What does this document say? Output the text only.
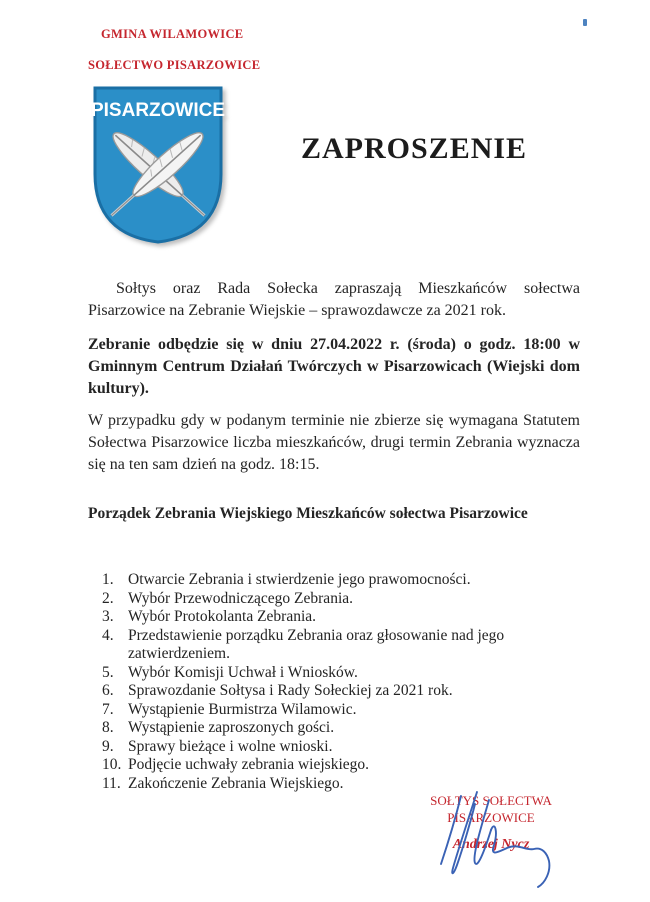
GMINA WILAMOWICE
SOŁECTWO PISARZOWICE
PISARZOWICE
ZAPROSZENIE

Sołtys oraz Rada Sołecka zapraszają Mieszkańców sołectwa Pisarzowice na Zebranie Wiejskie – sprawozdawcze za 2021 rok.

Zebranie odbędzie się w dniu 27.04.2022 r. (środa) o godz. 18:00 w Gminnym Centrum Działań Twórczych w Pisarzowicach (Wiejski dom kultury).

W przypadku gdy w podanym terminie nie zbierze się wymagana Statutem Sołectwa Pisarzowice liczba mieszkańców, drugi termin Zebrania wyznacza się na ten sam dzień na godz. 18:15.

Porządek Zebrania Wiejskiego Mieszkańców sołectwa Pisarzowice
1. Otwarcie Zebrania i stwierdzenie jego prawomocności.
2. Wybór Przewodniczącego Zebrania.
3. Wybór Protokolanta Zebrania.
4. Przedstawienie porządku Zebrania oraz głosowanie nad jego zatwierdzeniem.
5. Wybór Komisji Uchwał i Wniosków.
6. Sprawozdanie Sołtysa i Rady Sołeckiej za 2021 rok.
7. Wystąpienie Burmistrza Wilamowic.
8. Wystąpienie zaproszonych gości.
9. Sprawy bieżące i wolne wnioski.
10. Podjęcie uchwały zebrania wiejskiego.
11. Zakończenie Zebrania Wiejskiego.
SOŁTYS SOŁECTWA
PISARZOWICE
Andrzej Nycz
